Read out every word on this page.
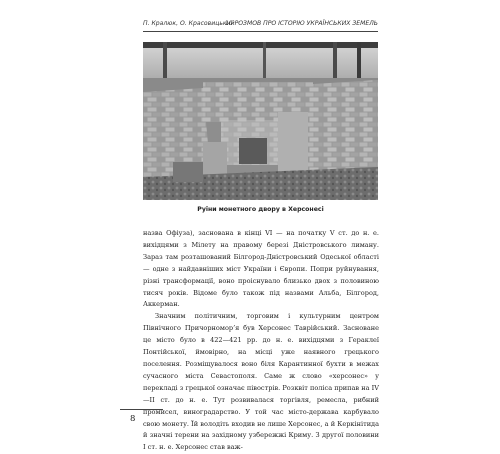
П. Кралюк, О. Красовицький
10 РОЗМОВ ПРО ІСТОРІЮ УКРАЇНСЬКИХ ЗЕМЕЛЬ
Руїни монетного двору в Херсонесі

назва Офіуза), заснована в кінці VI — на початку V ст. до н. е. вихідцями з Мілету на правому березі Дністровського лиману. Зараз там розташований Білгород-Дністровський Одеської області — одне з найдавніших міст України і Європи. Попри руйнування, різні трансформації, воно проіснувало близько двох з половиною тисяч років. Відоме було також під назвами Альба, Білгород, Аккерман.

Значним політичним, торговим і культурним центром Північного Причорномор’я був Херсонес Таврійський. Засноване це місто було в 422—421 рр. до н. е. вихідцями з Гераклеї Понтійської, ймовірно, на місці уже наявного грецького поселення. Розміщувалося воно біля Карантинної бухти в межах сучасного міста Севастополя. Саме ж слово «херсонес» у перекладі з грецької означає півострів. Розквіт поліса припав на IV—II ст. до н. е. Тут розвивалася торгівля, ремесла, рибний промисел, виноградарство. У той час місто-держава карбувало свою монету. Їй володіть входив не лише Херсонес, а й Керкінітида й значні терени на західному узбережжі Криму. З другої половини I ст. н. е. Херсонес став важ-

8
